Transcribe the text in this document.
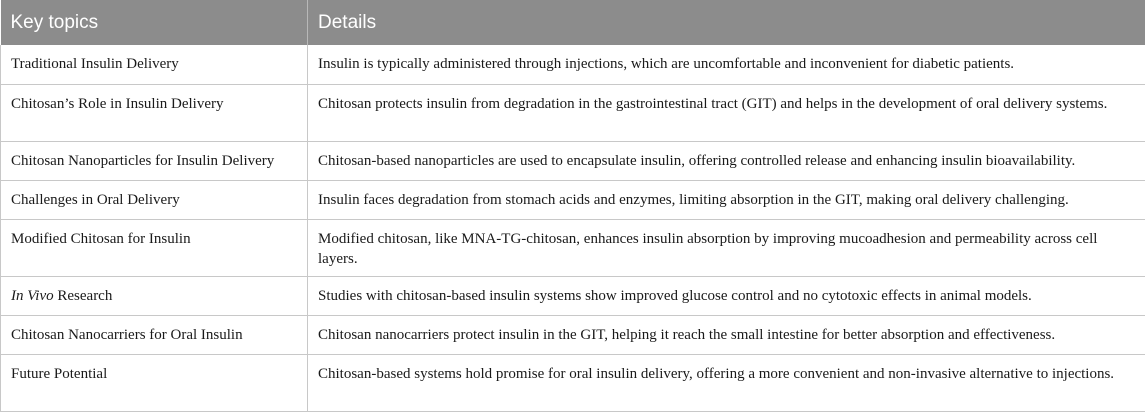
Key topics	Details
Traditional Insulin Delivery	Insulin is typically administered through injections, which are uncomfortable and inconvenient for diabetic patients.
Chitosan’s Role in Insulin Delivery	Chitosan protects insulin from degradation in the gastrointestinal tract (GIT) and helps in the development of oral delivery systems.
Chitosan Nanoparticles for Insulin Delivery	Chitosan-based nanoparticles are used to encapsulate insulin, offering controlled release and enhancing insulin bioavailability.
Challenges in Oral Delivery	Insulin faces degradation from stomach acids and enzymes, limiting absorption in the GIT, making oral delivery challenging.
Modified Chitosan for Insulin	Modified chitosan, like MNA-TG-chitosan, enhances insulin absorption by improving mucoadhesion and permeability across cell layers.
In Vivo Research	Studies with chitosan-based insulin systems show improved glucose control and no cytotoxic effects in animal models.
Chitosan Nanocarriers for Oral Insulin	Chitosan nanocarriers protect insulin in the GIT, helping it reach the small intestine for better absorption and effectiveness.
Future Potential	Chitosan-based systems hold promise for oral insulin delivery, offering a more convenient and non-invasive alternative to injections.
